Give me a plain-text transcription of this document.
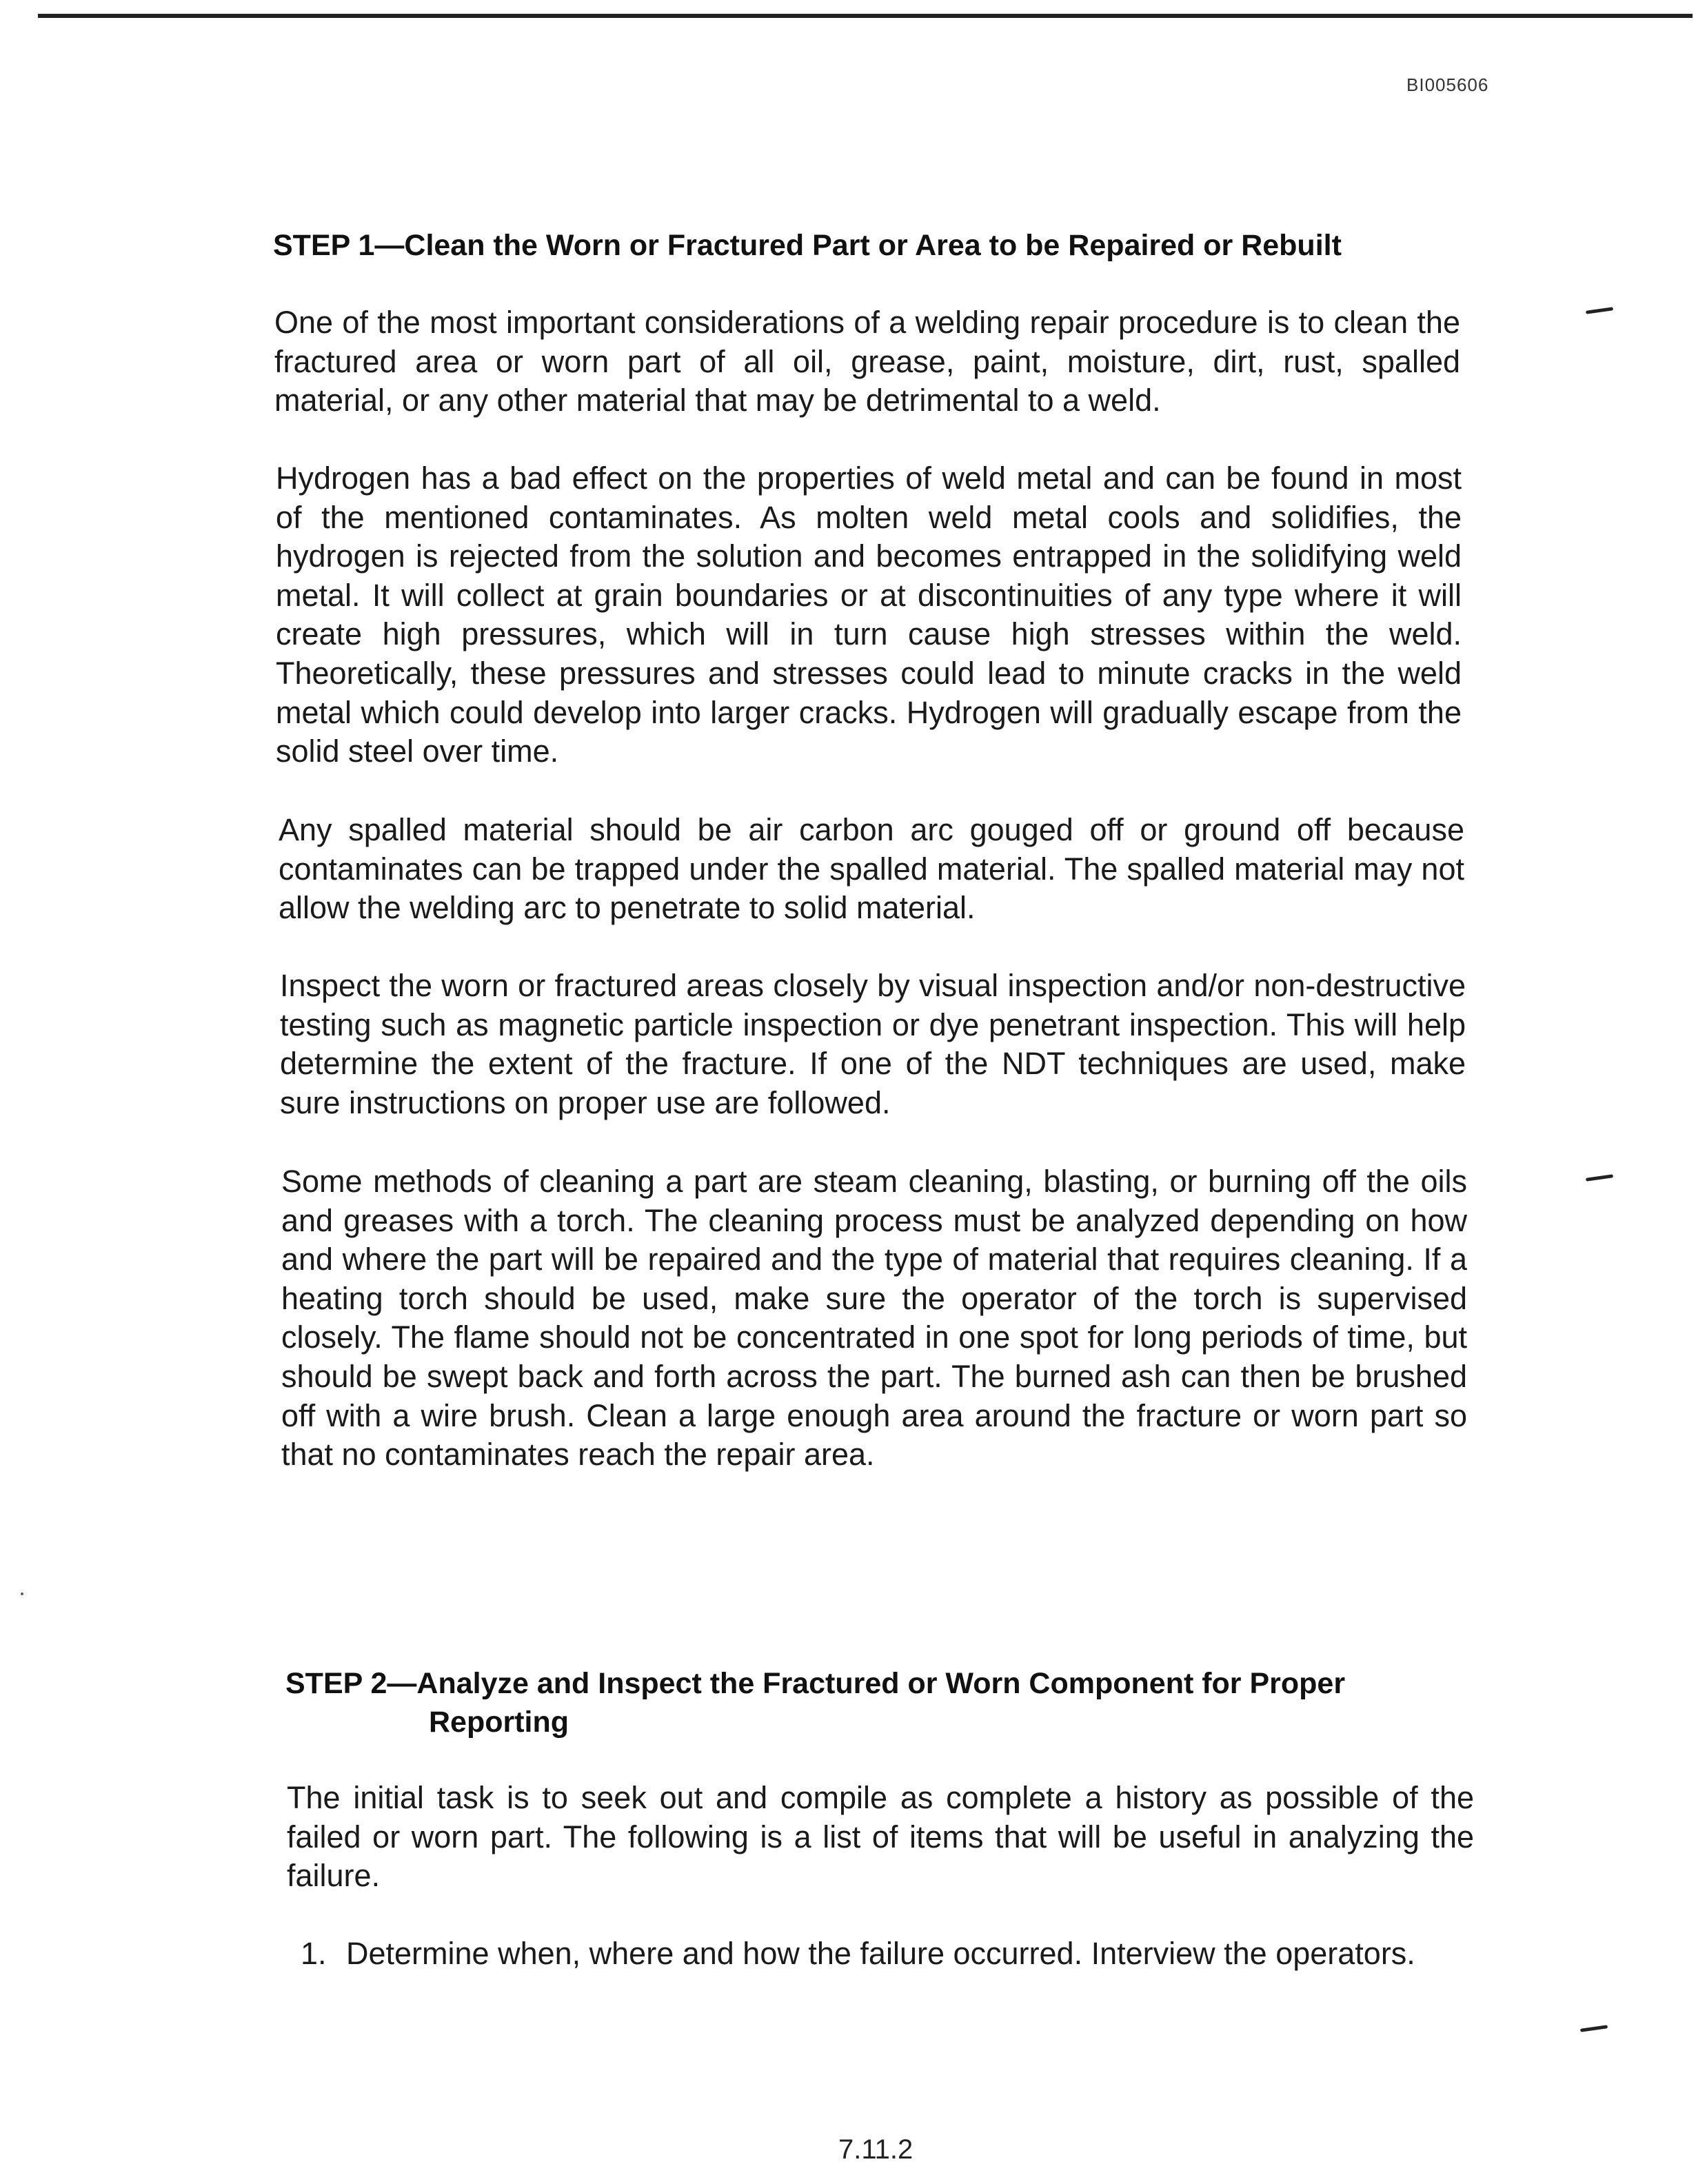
BI005606
STEP 1—Clean the Worn or Fractured Part or Area to be Repaired or Rebuilt

One of the most important considerations of a welding repair procedure is to clean the fractured area or worn part of all oil, grease, paint, moisture, dirt, rust, spalled material, or any other material that may be detrimental to a weld.

Hydrogen has a bad effect on the properties of weld metal and can be found in most of the mentioned contaminates. As molten weld metal cools and solidifies, the hydrogen is rejected from the solution and becomes entrapped in the solidifying weld metal. It will collect at grain boundaries or at discontinuities of any type where it will create high pressures, which will in turn cause high stresses within the weld. Theoretically, these pressures and stresses could lead to minute cracks in the weld metal which could develop into larger cracks. Hydrogen will gradually escape from the solid steel over time.

Any spalled material should be air carbon arc gouged off or ground off because contaminates can be trapped under the spalled material. The spalled material may not allow the welding arc to penetrate to solid material.

Inspect the worn or fractured areas closely by visual inspection and/or non-destructive testing such as magnetic particle inspection or dye penetrant inspection. This will help determine the extent of the fracture. If one of the NDT techniques are used, make sure instructions on proper use are followed.

Some methods of cleaning a part are steam cleaning, blasting, or burning off the oils and greases with a torch. The cleaning process must be analyzed depending on how and where the part will be repaired and the type of material that requires cleaning. If a heating torch should be used, make sure the operator of the torch is supervised closely. The flame should not be concentrated in one spot for long periods of time, but should be swept back and forth across the part. The burned ash can then be brushed off with a wire brush. Clean a large enough area around the fracture or worn part so that no contaminates reach the repair area.

STEP 2—Analyze and Inspect the Fractured or Worn Component for Proper
Reporting

The initial task is to seek out and compile as complete a history as possible of the failed or worn part. The following is a list of items that will be useful in analyzing the failure.

1. Determine when, where and how the failure occurred. Interview the operators.
7.11.2
